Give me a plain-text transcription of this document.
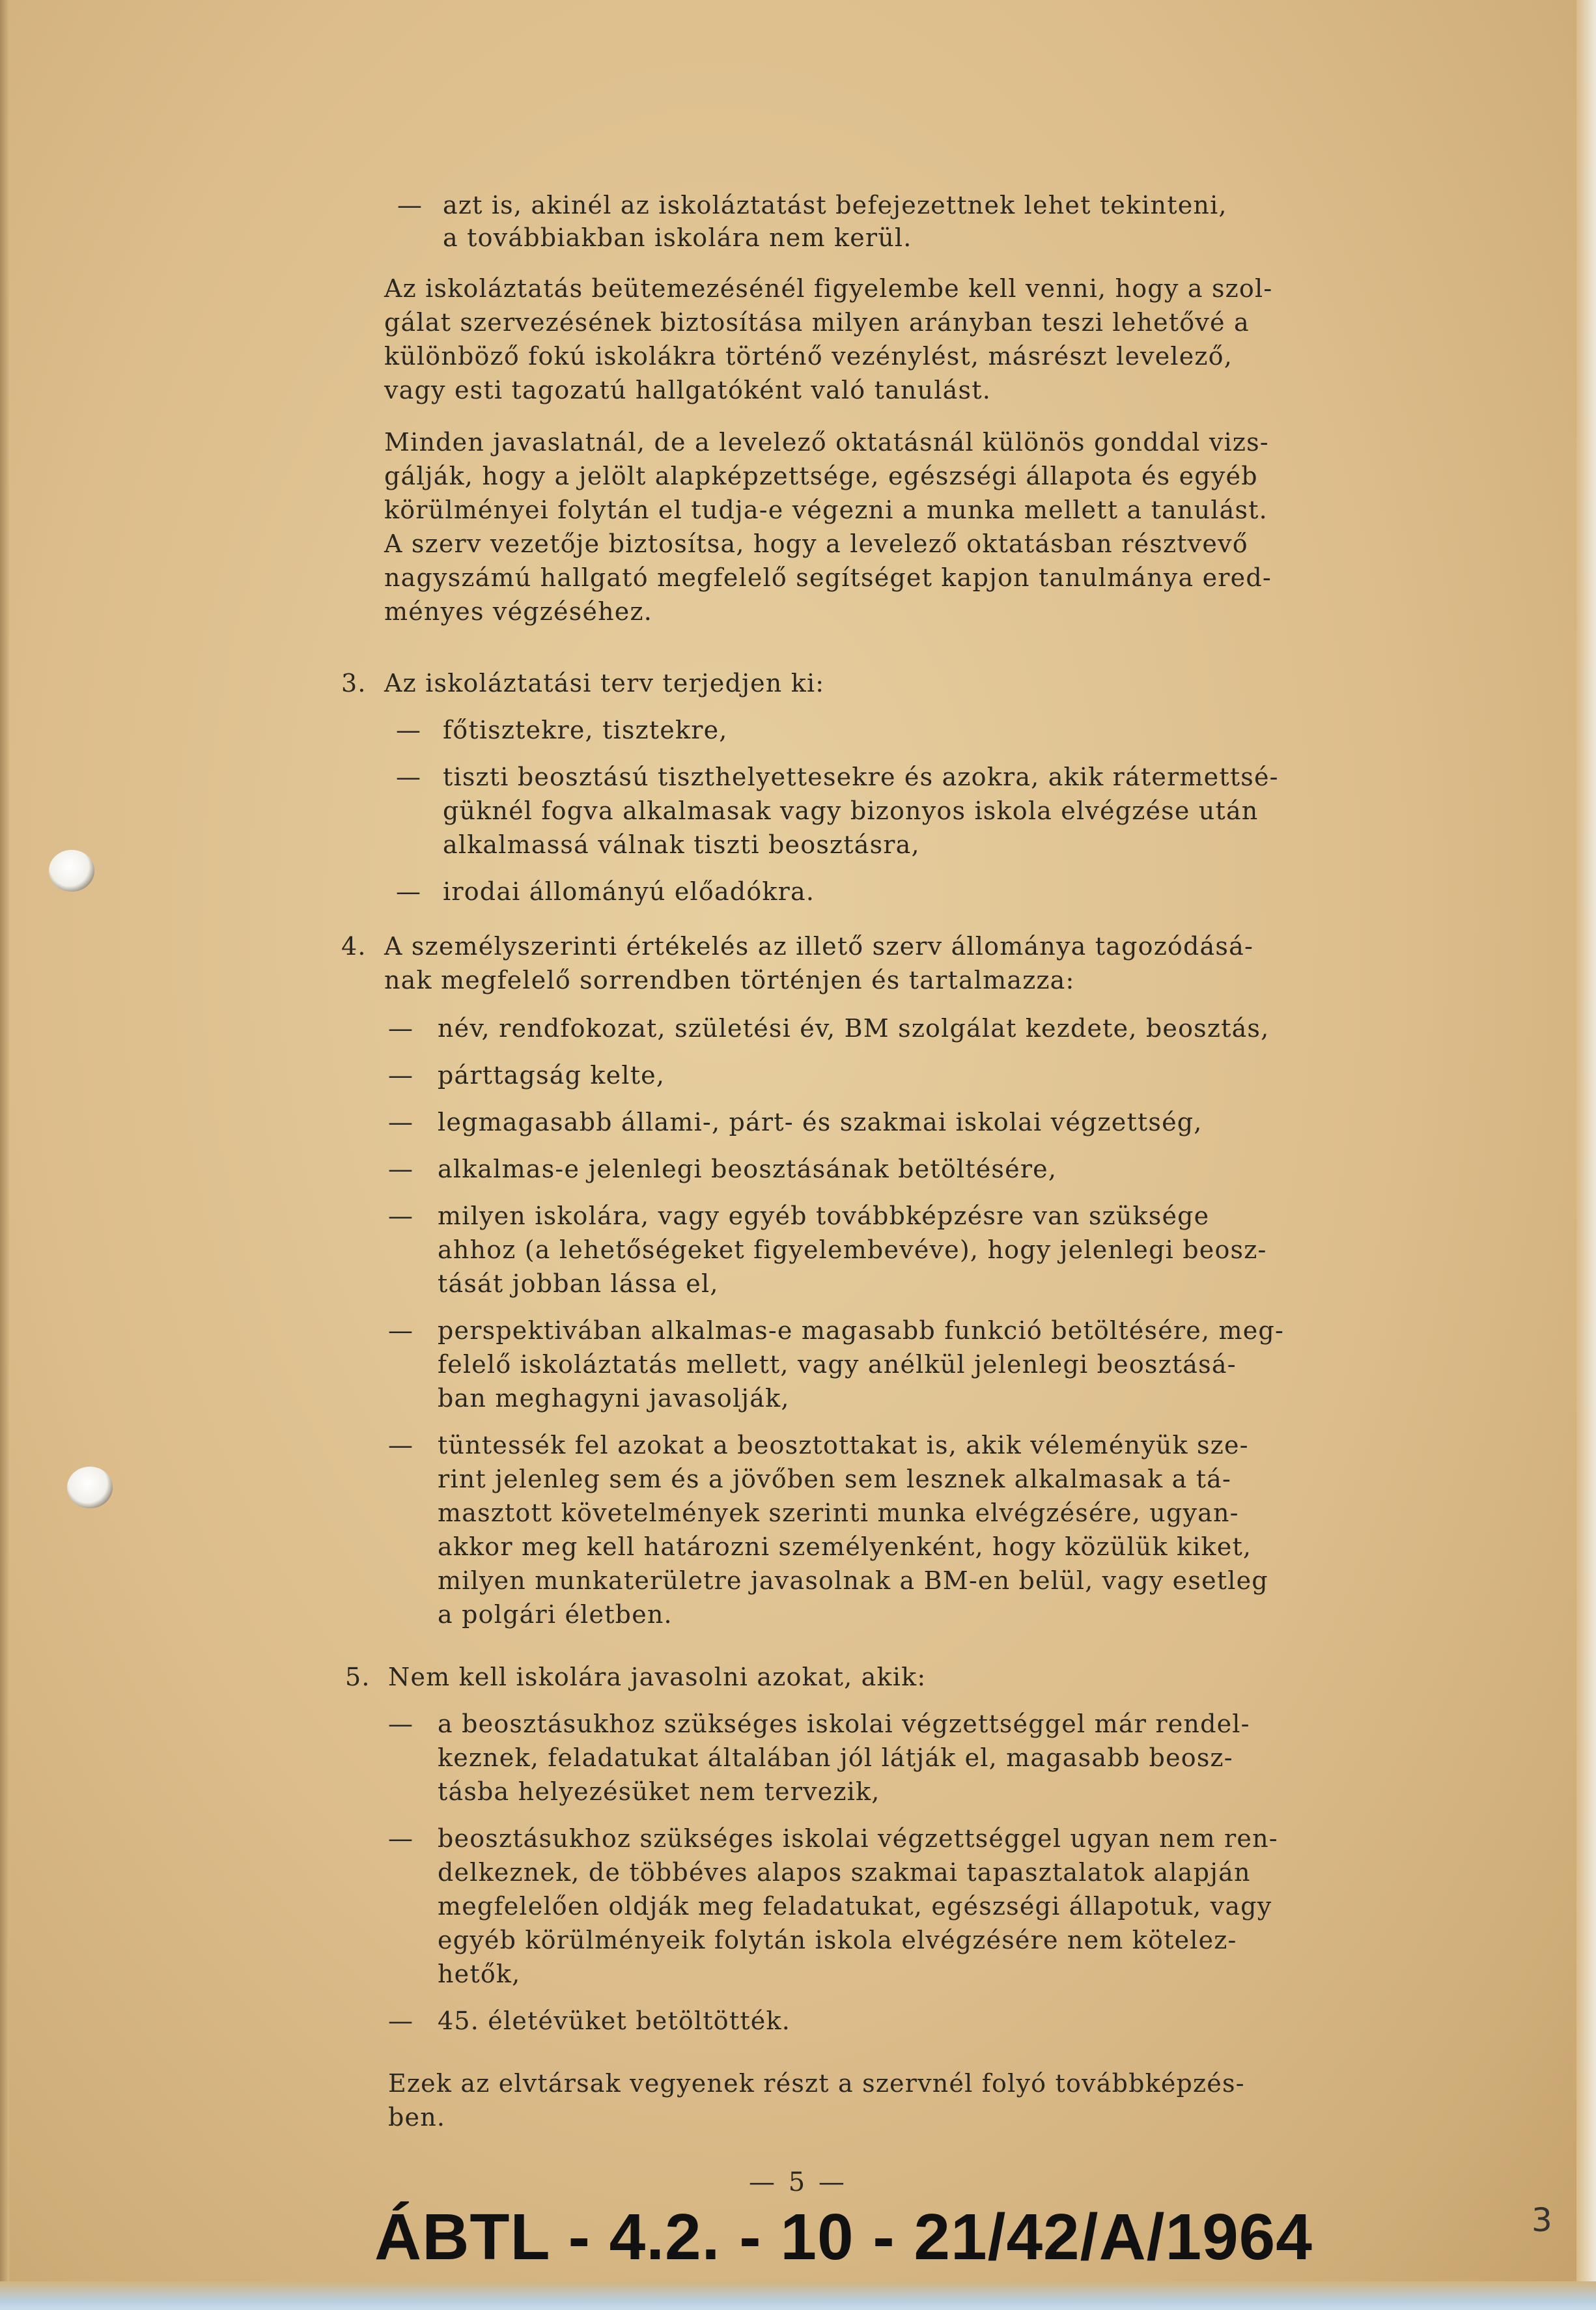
azt is, akinél az iskoláztatást befejezettnek lehet tekinteni,
a továbbiakban iskolára nem kerül.
Az iskoláztatás beütemezésénél figyelembe kell venni, hogy a szol-
gálat szervezésének biztosítása milyen arányban teszi lehetővé a
különböző fokú iskolákra történő vezénylést, másrészt levelező,
vagy esti tagozatú hallgatóként való tanulást.
Minden javaslatnál, de a levelező oktatásnál különös gonddal vizs-
gálják, hogy a jelölt alapképzettsége, egészségi állapota és egyéb
körülményei folytán el tudja-e végezni a munka mellett a tanulást.
A szerv vezetője biztosítsa, hogy a levelező oktatásban résztvevő
nagyszámú hallgató megfelelő segítséget kapjon tanulmánya ered-
ményes végzéséhez.
Az iskoláztatási terv terjedjen ki:
főtisztekre, tisztekre,
tiszti beosztású tiszthelyettesekre és azokra, akik rátermettsé-
güknél fogva alkalmasak vagy bizonyos iskola elvégzése után
alkalmassá válnak tiszti beosztásra,
irodai állományú előadókra.
A személyszerinti értékelés az illető szerv állománya tagozódásá-
nak megfelelő sorrendben történjen és tartalmazza:
név, rendfokozat, születési év, BM szolgálat kezdete, beosztás,
párttagság kelte,
legmagasabb állami-, párt- és szakmai iskolai végzettség,
alkalmas-e jelenlegi beosztásának betöltésére,
milyen iskolára, vagy egyéb továbbképzésre van szüksége
ahhoz (a lehetőségeket figyelembevéve), hogy jelenlegi beosz-
tását jobban lássa el,
perspektivában alkalmas-e magasabb funkció betöltésére, meg-
felelő iskoláztatás mellett, vagy anélkül jelenlegi beosztásá-
ban meghagyni javasolják,
tüntessék fel azokat a beosztottakat is, akik véleményük sze-
rint jelenleg sem és a jövőben sem lesznek alkalmasak a tá-
masztott követelmények szerinti munka elvégzésére, ugyan-
akkor meg kell határozni személyenként, hogy közülük kiket,
milyen munkaterületre javasolnak a BM-en belül, vagy esetleg
a polgári életben.
Nem kell iskolára javasolni azokat, akik:
a beosztásukhoz szükséges iskolai végzettséggel már rendel-
keznek, feladatukat általában jól látják el, magasabb beosz-
tásba helyezésüket nem tervezik,
beosztásukhoz szükséges iskolai végzettséggel ugyan nem ren-
delkeznek, de többéves alapos szakmai tapasztalatok alapján
megfelelően oldják meg feladatukat, egészségi állapotuk, vagy
egyéb körülményeik folytán iskola elvégzésére nem kötelez-
hetők,
45. életévüket betöltötték.
Ezek az elvtársak vegyenek részt a szervnél folyó továbbképzés-
ben.
—
—
—
—
—
—
—
—
—
—
—
—
—
—
3.
4.
5.
— 5 —
ÁBTL - 4.2. - 10 - 21/42/A/1964	3
